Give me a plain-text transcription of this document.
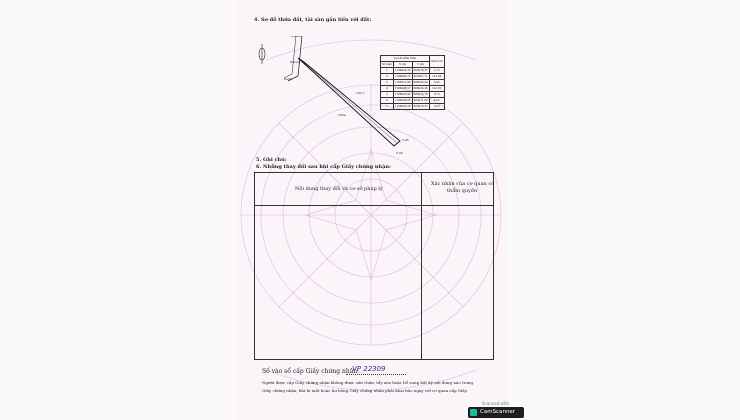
4. Sơ đồ thửa đất, tài sản gắn liền với đất:
Đường
Kênh
142,7
Thửa
5,45
5,00
Tọa độ đỉnh thửa			Cạnh (m)
Số hiệu	X (m)	Y (m)	
1	1186642,56	605976,37	5,15
2	1186640,73	605981,71	142,84
3	1186512,98	606045,00	5,45
4	1186508,57	606043,26	141,81
5	1186632,92	605975,76	0,73
6	1186638,65	605971,89	4,82
7	1186642,56	605976,37	2,03
5. Ghi chú:
6. Những thay đổi sau khi cấp Giấy chứng nhận:
Nội dung thay đổi và cơ sở pháp lý
Xác nhận của cơ quan có
thẩm quyền
Số vào sổ cấp Giấy chứng nhận:
VP 22309
Người được cấp Giấy chứng nhận không được sửa chữa, tẩy xóa hoặc bổ sung bất kỳ nội dung nào trong
Giấy chứng nhận; khi bị mất hoặc hư hỏng Giấy chứng nhận phải khai báo ngay với cơ quan cấp Giấy.
Scanned with
CamScanner
